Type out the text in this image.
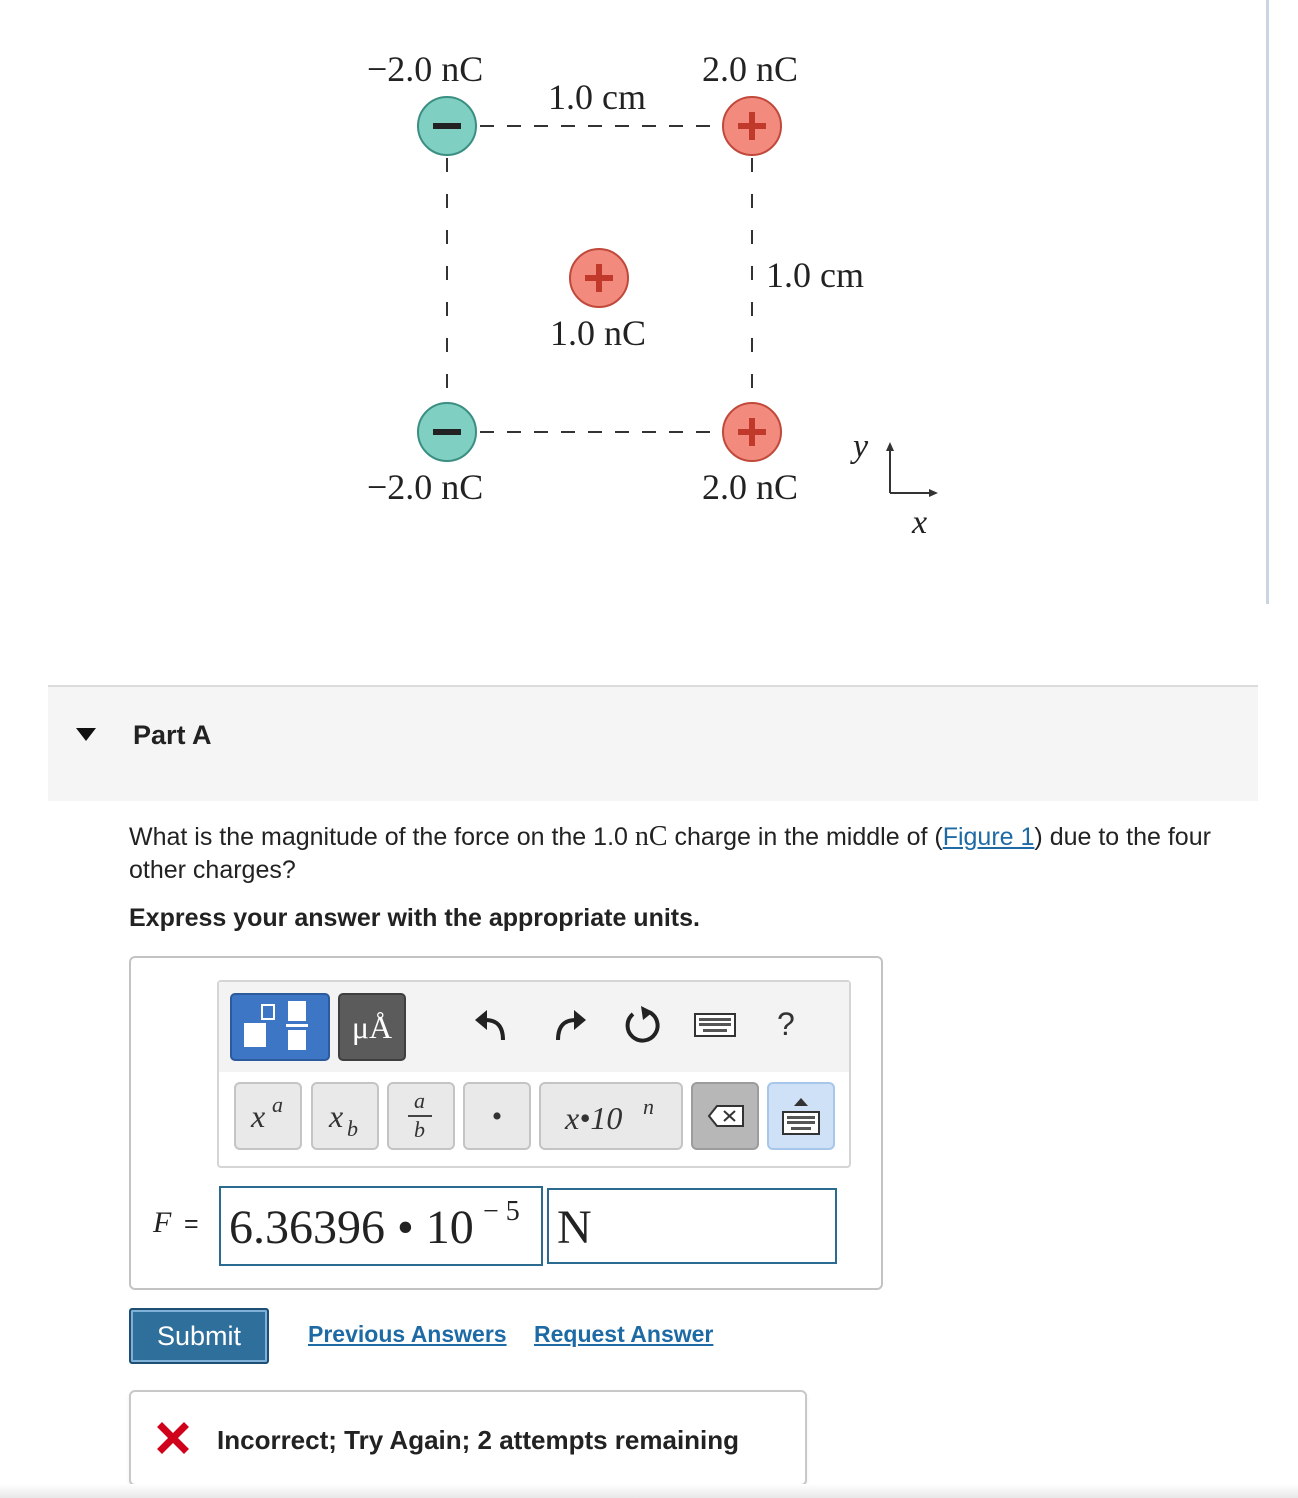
−2.0 nC	2.0 nC
1.0 cm
1.0 cm
1.0 nC
−2.0 nC	2.0 nC
y
x
Part A
What is the magnitude of the force on the 1.0 nC charge in the middle of (Figure 1) due to the four other charges?
Express your answer with the appropriate units.
μÅ	?
x a x b
a
b	•	x•10 n
F = 6.36396 • 10 − 5 N
Submit	Previous Answers Request Answer
Incorrect; Try Again; 2 attempts remaining
